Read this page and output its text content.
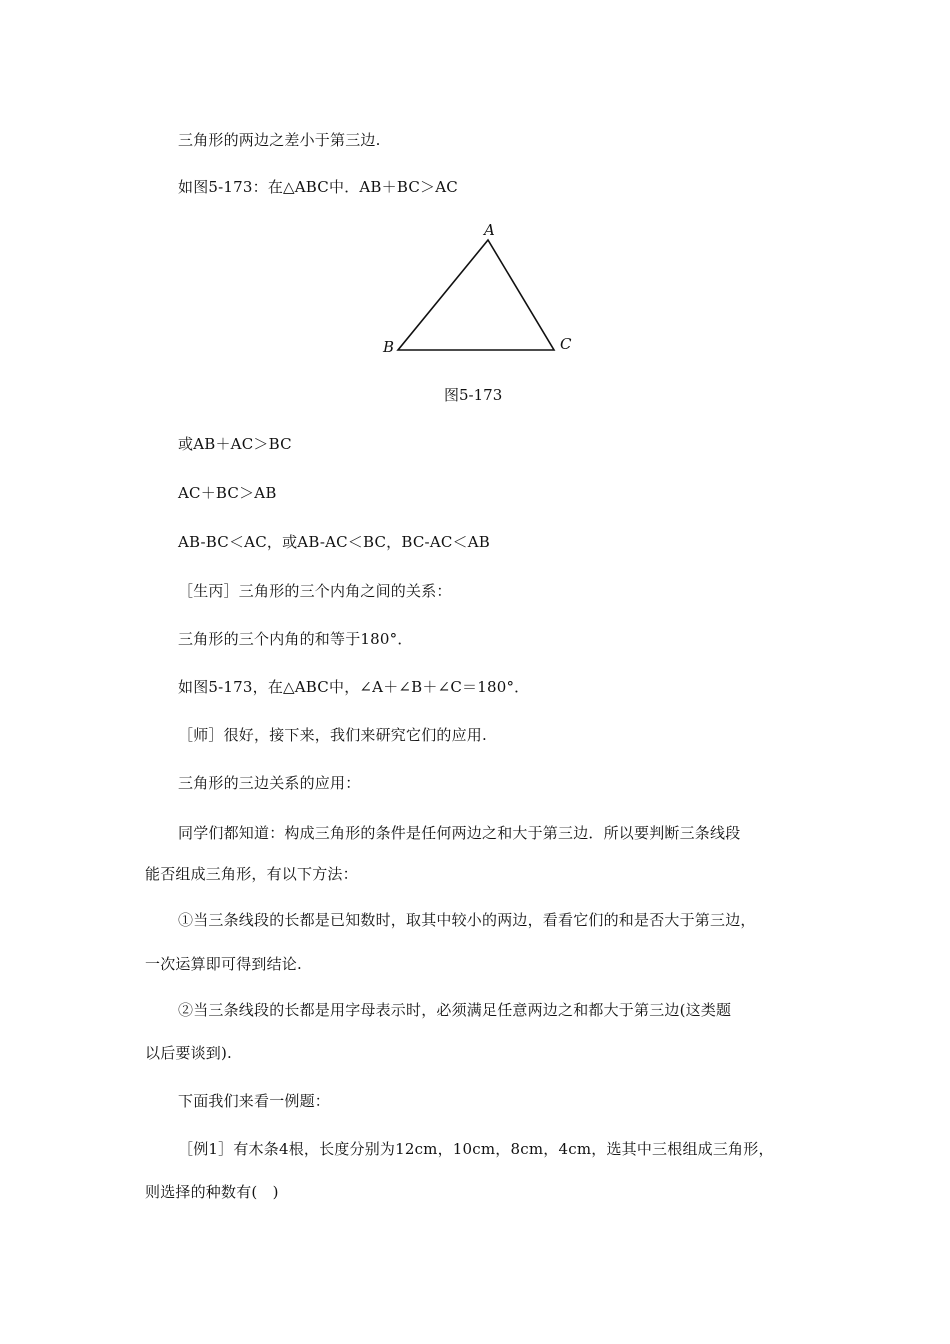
三角形的两边之差小于第三边.
如图5-173：在△ABC中．AB＋BC＞AC
A
B	C
图5-173
或AB＋AC＞BC
AC＋BC＞AB
AB-BC＜AC，或AB-AC＜BC，BC-AC＜AB
［生丙］三角形的三个内角之间的关系：
三角形的三个内角的和等于180°．
如图5-173，在△ABC中，∠A＋∠B＋∠C＝180°．
［师］很好，接下来，我们来研究它们的应用.
三角形的三边关系的应用：
同学们都知道：构成三角形的条件是任何两边之和大于第三边．所以要判断三条线段
能否组成三角形，有以下方法：
①当三条线段的长都是已知数时，取其中较小的两边，看看它们的和是否大于第三边，
一次运算即可得到结论.
②当三条线段的长都是用字母表示时，必须满足任意两边之和都大于第三边(这类题
以后要谈到).
下面我们来看一例题：
［例1］有木条4根，长度分别为12cm，10cm，8cm，4cm，选其中三根组成三角形，
则选择的种数有(　)
